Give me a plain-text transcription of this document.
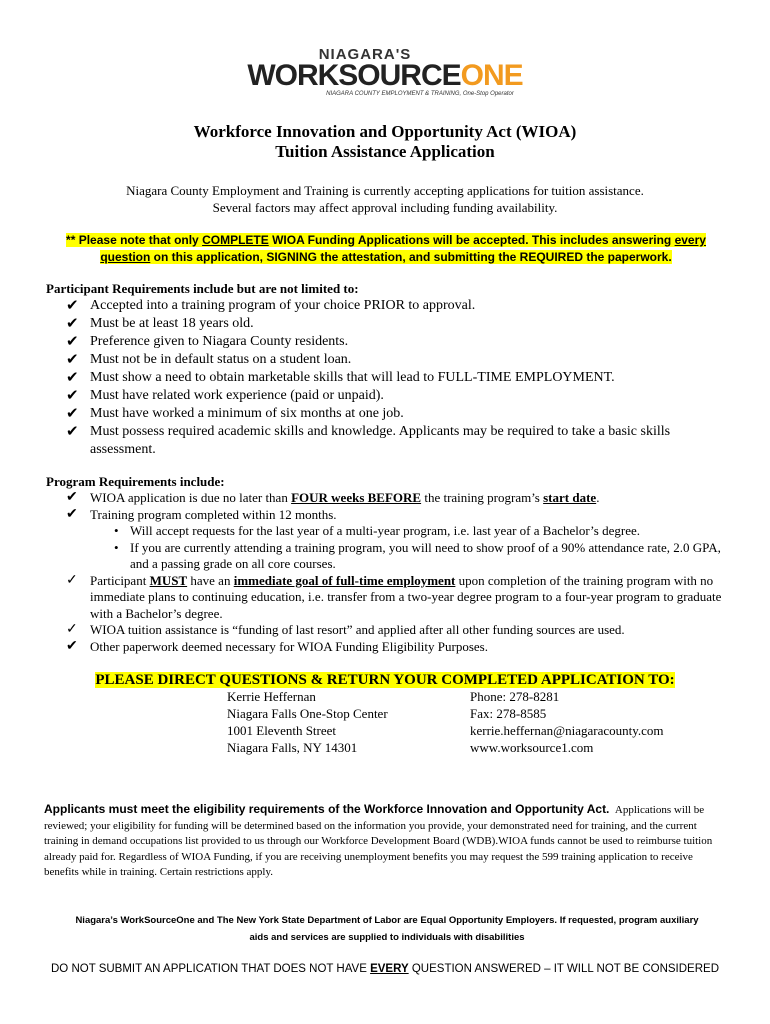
NIAGARA'S
WORKSOURCEONE
NIAGARA COUNTY EMPLOYMENT & TRAINING, One-Stop Operator
Workforce Innovation and Opportunity Act (WIOA)
Tuition Assistance Application
Niagara County Employment and Training is currently accepting applications for tuition assistance.
Several factors may affect approval including funding availability.
** Please note that only COMPLETE WIOA Funding Applications will be accepted. This includes answering every question on this application, SIGNING the attestation, and submitting the REQUIRED the paperwork.
Participant Requirements include but are not limited to:
✔ Accepted into a training program of your choice PRIOR to approval.
✔ Must be at least 18 years old.
✔ Preference given to Niagara County residents.
✔ Must not be in default status on a student loan.
✔ Must show a need to obtain marketable skills that will lead to FULL-TIME EMPLOYMENT.
✔ Must have related work experience (paid or unpaid).
✔ Must have worked a minimum of six months at one job.
✔ Must possess required academic skills and knowledge. Applicants may be required to take a basic skills assessment.
Program Requirements include:
✔ WIOA application is due no later than FOUR weeks BEFORE the training program’s start date.
✔ Training program completed within 12 months.
• Will accept requests for the last year of a multi-year program, i.e. last year of a Bachelor’s degree.
• If you are currently attending a training program, you will need to show proof of a 90% attendance rate, 2.0 GPA, and a passing grade on all core courses.
✓ Participant MUST have an immediate goal of full-time employment upon completion of the training program with no immediate plans to continuing education, i.e. transfer from a two-year degree program to a four-year program to graduate with a Bachelor’s degree.
✓ WIOA tuition assistance is “funding of last resort” and applied after all other funding sources are used.
✔ Other paperwork deemed necessary for WIOA Funding Eligibility Purposes.
PLEASE DIRECT QUESTIONS & RETURN YOUR COMPLETED APPLICATION TO:
Kerrie Heffernan
Niagara Falls One-Stop Center
1001 Eleventh Street
Niagara Falls, NY 14301
Phone: 278-8281
Fax: 278-8585
kerrie.heffernan@niagaracounty.com
www.worksource1.com
Applicants must meet the eligibility requirements of the Workforce Innovation and Opportunity Act. Applications will be reviewed; your eligibility for funding will be determined based on the information you provide, your demonstrated need for training, and the current training in demand occupations list provided to us through our Workforce Development Board (WDB).WIOA funds cannot be used to reimburse tuition already paid for. Regardless of WIOA Funding, if you are receiving unemployment benefits you may request the 599 training application to receive benefits while in training. Certain restrictions apply.
Niagara’s WorkSourceOne and The New York State Department of Labor are Equal Opportunity Employers. If requested, program auxiliary
aids and services are supplied to individuals with disabilities
DO NOT SUBMIT AN APPLICATION THAT DOES NOT HAVE EVERY QUESTION ANSWERED – IT WILL NOT BE CONSIDERED
